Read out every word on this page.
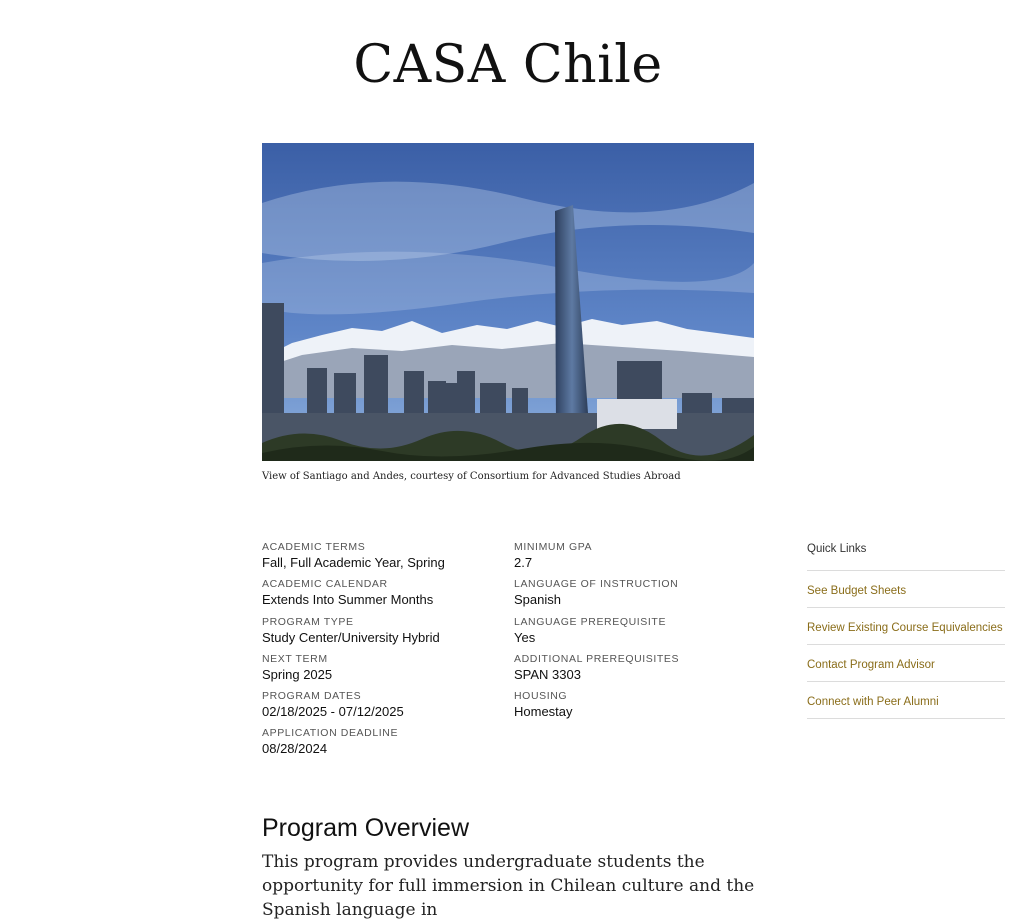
CASA Chile
View of Santiago and Andes, courtesy of Consortium for Advanced Studies Abroad
ACADEMIC TERMS
Fall, Full Academic Year, Spring
ACADEMIC CALENDAR
Extends Into Summer Months
PROGRAM TYPE
Study Center/University Hybrid
NEXT TERM
Spring 2025
PROGRAM DATES
02/18/2025 - 07/12/2025
APPLICATION DEADLINE
08/28/2024
MINIMUM GPA
2.7
LANGUAGE OF INSTRUCTION
Spanish
LANGUAGE PREREQUISITE
Yes
ADDITIONAL PREREQUISITES
SPAN 3303
HOUSING
Homestay
Quick Links
See Budget Sheets
Review Existing Course Equivalencies
Contact Program Advisor
Connect with Peer Alumni
Program Overview

This program provides undergraduate students the opportunity for full immersion in Chilean culture and the Spanish language in
